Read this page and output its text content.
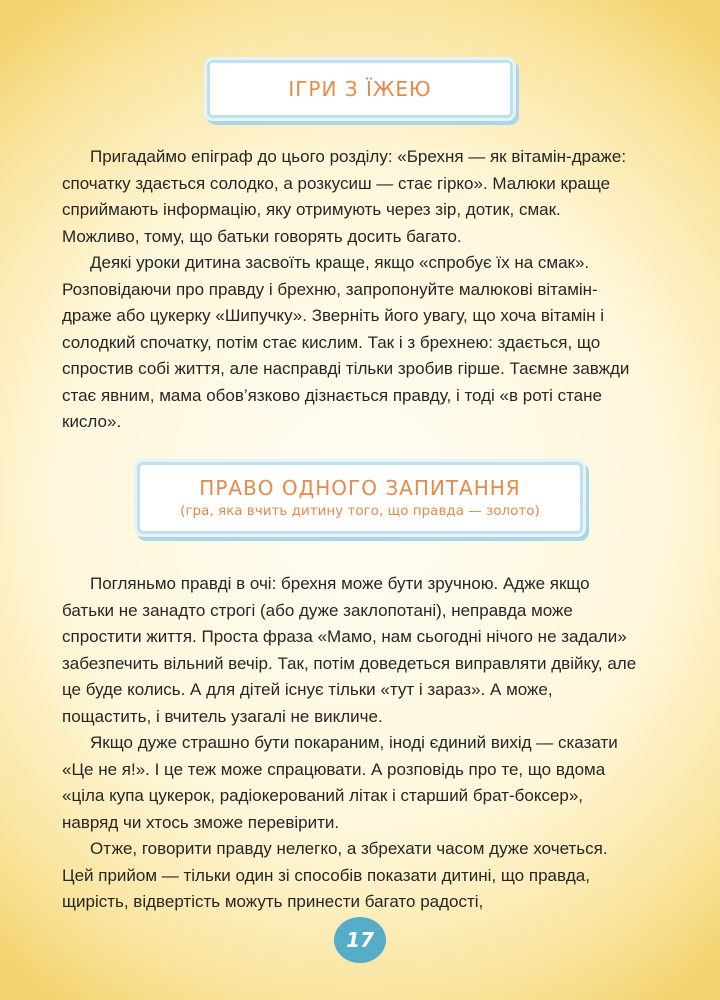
ІГРИ З ЇЖЕЮ

Пригадаймо епіграф до цього розділу: «Брехня — як вітамін-драже: спочатку здається солодко, а розкусиш — стає гірко». Малюки краще сприймають інформацію, яку отримують через зір, дотик, смак. Можливо, тому, що батьки говорять досить багато.

Деякі уроки дитина засвоїть краще, якщо «спробує їх на смак». Розповідаючи про правду і брехню, запропонуйте малюкові вітамін-драже або цукерку «Шипучку». Зверніть його увагу, що хоча вітамін і солодкий спочатку, потім стає кислим. Так і з брехнею: здається, що спростив собі життя, але насправді тільки зробив гірше. Таємне завжди стає явним, мама обов’язково дізнається правду, і тоді «в роті стане кисло».

ПРАВО ОДНОГО ЗАПИТАННЯ
(гра, яка вчить дитину того, що правда — золото)

Погляньмо правді в очі: брехня може бути зручною. Адже якщо батьки не занадто строгі (або дуже заклопотані), неправда може спростити життя. Проста фраза «Мамо, нам сьогодні нічого не задали» забезпечить вільний вечір. Так, потім доведеться виправляти двійку, але це буде колись. А для дітей існує тільки «тут і зараз». А може, пощастить, і вчитель узагалі не викличе.

Якщо дуже страшно бути покараним, іноді єдиний вихід — сказати «Це не я!». І це теж може спрацювати. А розповідь про те, що вдома «ціла купа цукерок, радіокерований літак і старший брат-боксер», навряд чи хтось зможе перевірити.

Отже, говорити правду нелегко, а збрехати часом дуже хочеться. Цей прийом — тільки один зі способів показати дитині, що правда, щирість, відвертість можуть принести багато радості,

17
